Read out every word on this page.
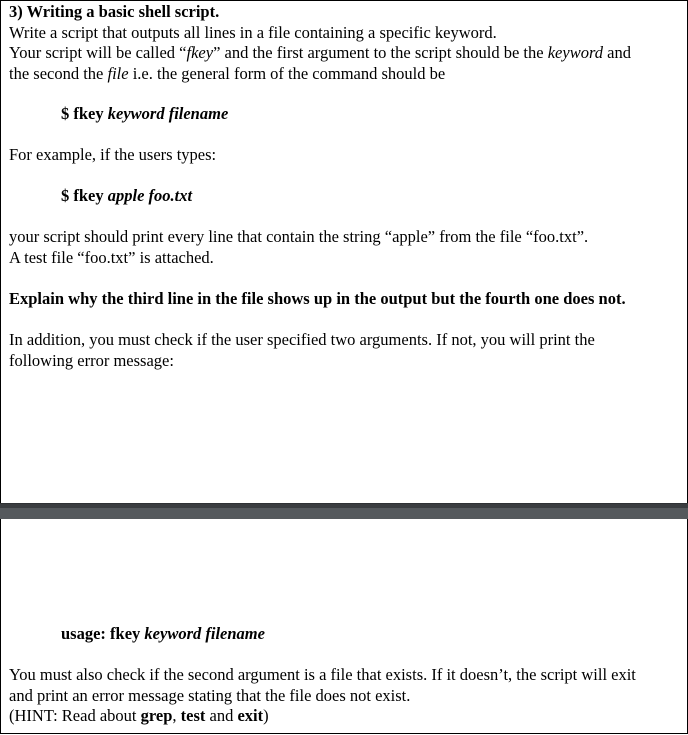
3) Writing a basic shell script.
Write a script that outputs all lines in a file containing a specific keyword.
Your script will be called “fkey” and the first argument to the script should be the keyword and
the second the file i.e. the general form of the command should be
$ fkey keyword filename
For example, if the users types:
$ fkey apple foo.txt
your script should print every line that contain the string “apple” from the file “foo.txt”.
A test file “foo.txt” is attached.
Explain why the third line in the file shows up in the output but the fourth one does not.
In addition, you must check if the user specified two arguments. If not, you will print the
following error message:
usage: fkey keyword filename
You must also check if the second argument is a file that exists. If it doesn’t, the script will exit
and print an error message stating that the file does not exist.
(HINT: Read about grep, test and exit)
